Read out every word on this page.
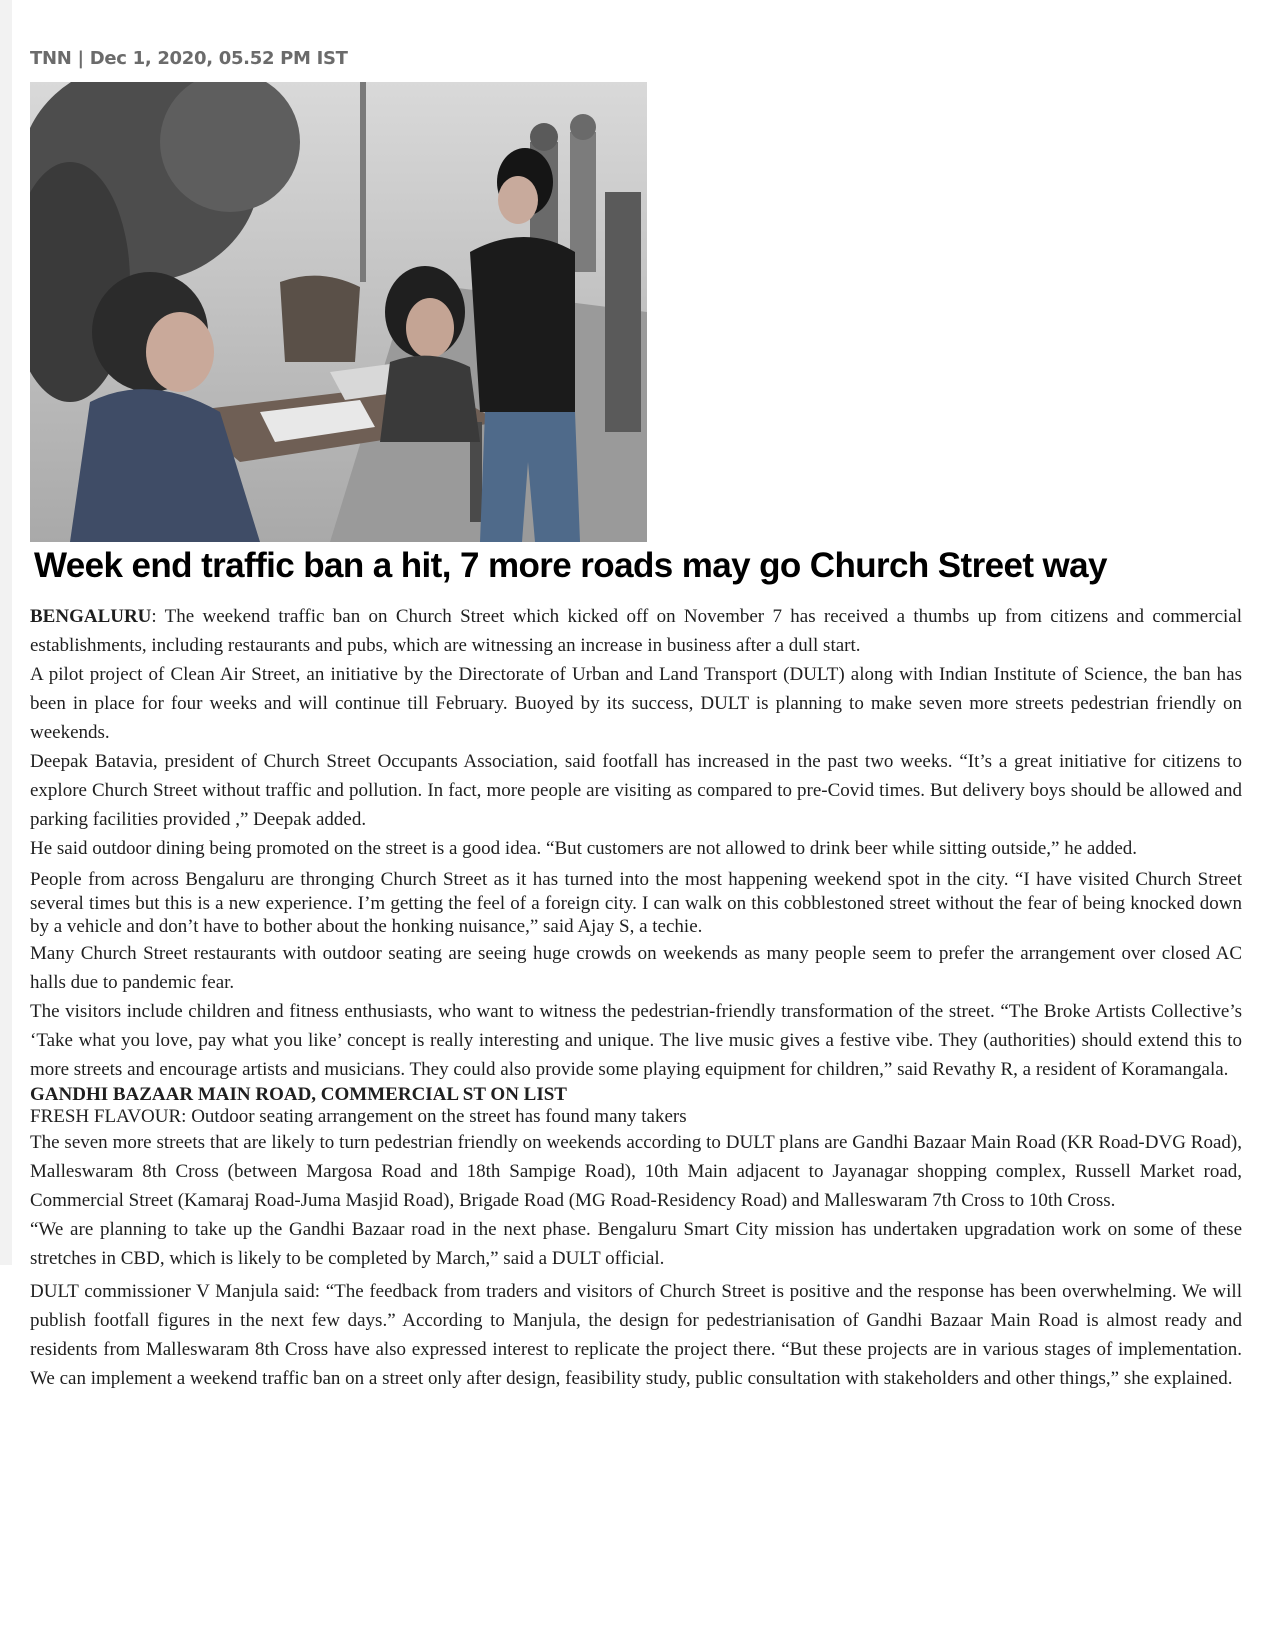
TNN | Dec 1, 2020, 05.52 PM IST
Week end traffic ban a hit, 7 more roads may go Church Street way

BENGALURU: The weekend traffic ban on Church Street which kicked off on November 7 has received a thumbs up from citizens and commercial establishments, including restaurants and pubs, which are witnessing an increase in business after a dull start.

A pilot project of Clean Air Street, an initiative by the Directorate of Urban and Land Transport (DULT) along with Indian Institute of Science, the ban has been in place for four weeks and will continue till February. Buoyed by its success, DULT is planning to make seven more streets pedestrian friendly on weekends.

Deepak Batavia, president of Church Street Occupants Association, said footfall has increased in the past two weeks. “It’s a great initiative for citizens to explore Church Street without traffic and pollution. In fact, more people are visiting as compared to pre-Covid times. But delivery boys should be allowed and parking facilities provided ,” Deepak added.

He said outdoor dining being promoted on the street is a good idea. “But customers are not allowed to drink beer while sitting outside,” he added.

People from across Bengaluru are thronging Church Street as it has turned into the most happening weekend spot in the city. “I have visited Church Street several times but this is a new experience. I’m getting the feel of a foreign city. I can walk on this cobblestoned street without the fear of being knocked down by a vehicle and don’t have to bother about the honking nuisance,” said Ajay S, a techie.

Many Church Street restaurants with outdoor seating are seeing huge crowds on weekends as many people seem to prefer the arrangement over closed AC halls due to pandemic fear.

The visitors include children and fitness enthusiasts, who want to witness the pedestrian-friendly transformation of the street. “The Broke Artists Collective’s ‘Take what you love, pay what you like’ concept is really interesting and unique. The live music gives a festive vibe. They (authorities) should extend this to more streets and encourage artists and musicians. They could also provide some playing equipment for children,” said Revathy R, a resident of Koramangala.

GANDHI BAZAAR MAIN ROAD, COMMERCIAL ST ON LIST

FRESH FLAVOUR: Outdoor seating arrangement on the street has found many takers

The seven more streets that are likely to turn pedestrian friendly on weekends according to DULT plans are Gandhi Bazaar Main Road (KR Road-DVG Road), Malleswaram 8th Cross (between Margosa Road and 18th Sampige Road), 10th Main adjacent to Jayanagar shopping complex, Russell Market road, Commercial Street (Kamaraj Road-Juma Masjid Road), Brigade Road (MG Road-Residency Road) and Malleswaram 7th Cross to 10th Cross.

“We are planning to take up the Gandhi Bazaar road in the next phase. Bengaluru Smart City mission has undertaken upgradation work on some of these stretches in CBD, which is likely to be completed by March,” said a DULT official.

DULT commissioner V Manjula said: “The feedback from traders and visitors of Church Street is positive and the response has been overwhelming. We will publish footfall figures in the next few days.” According to Manjula, the design for pedestrianisation of Gandhi Bazaar Main Road is almost ready and residents from Malleswaram 8th Cross have also expressed interest to replicate the project there. “But these projects are in various stages of implementation. We can implement a weekend traffic ban on a street only after design, feasibility study, public consultation with stakeholders and other things,” she explained.
